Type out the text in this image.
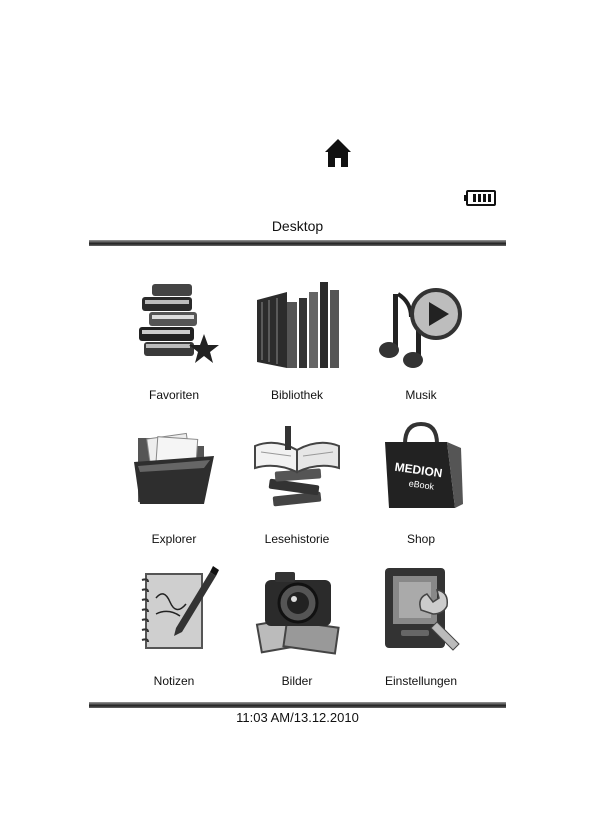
Desktop
Favoriten	Bibliothek	Musik
Explorer	Lesehistorie
MEDION
eBook
Shop
Notizen	Bilder	Einstellungen
11:03 AM/13.12.2010
